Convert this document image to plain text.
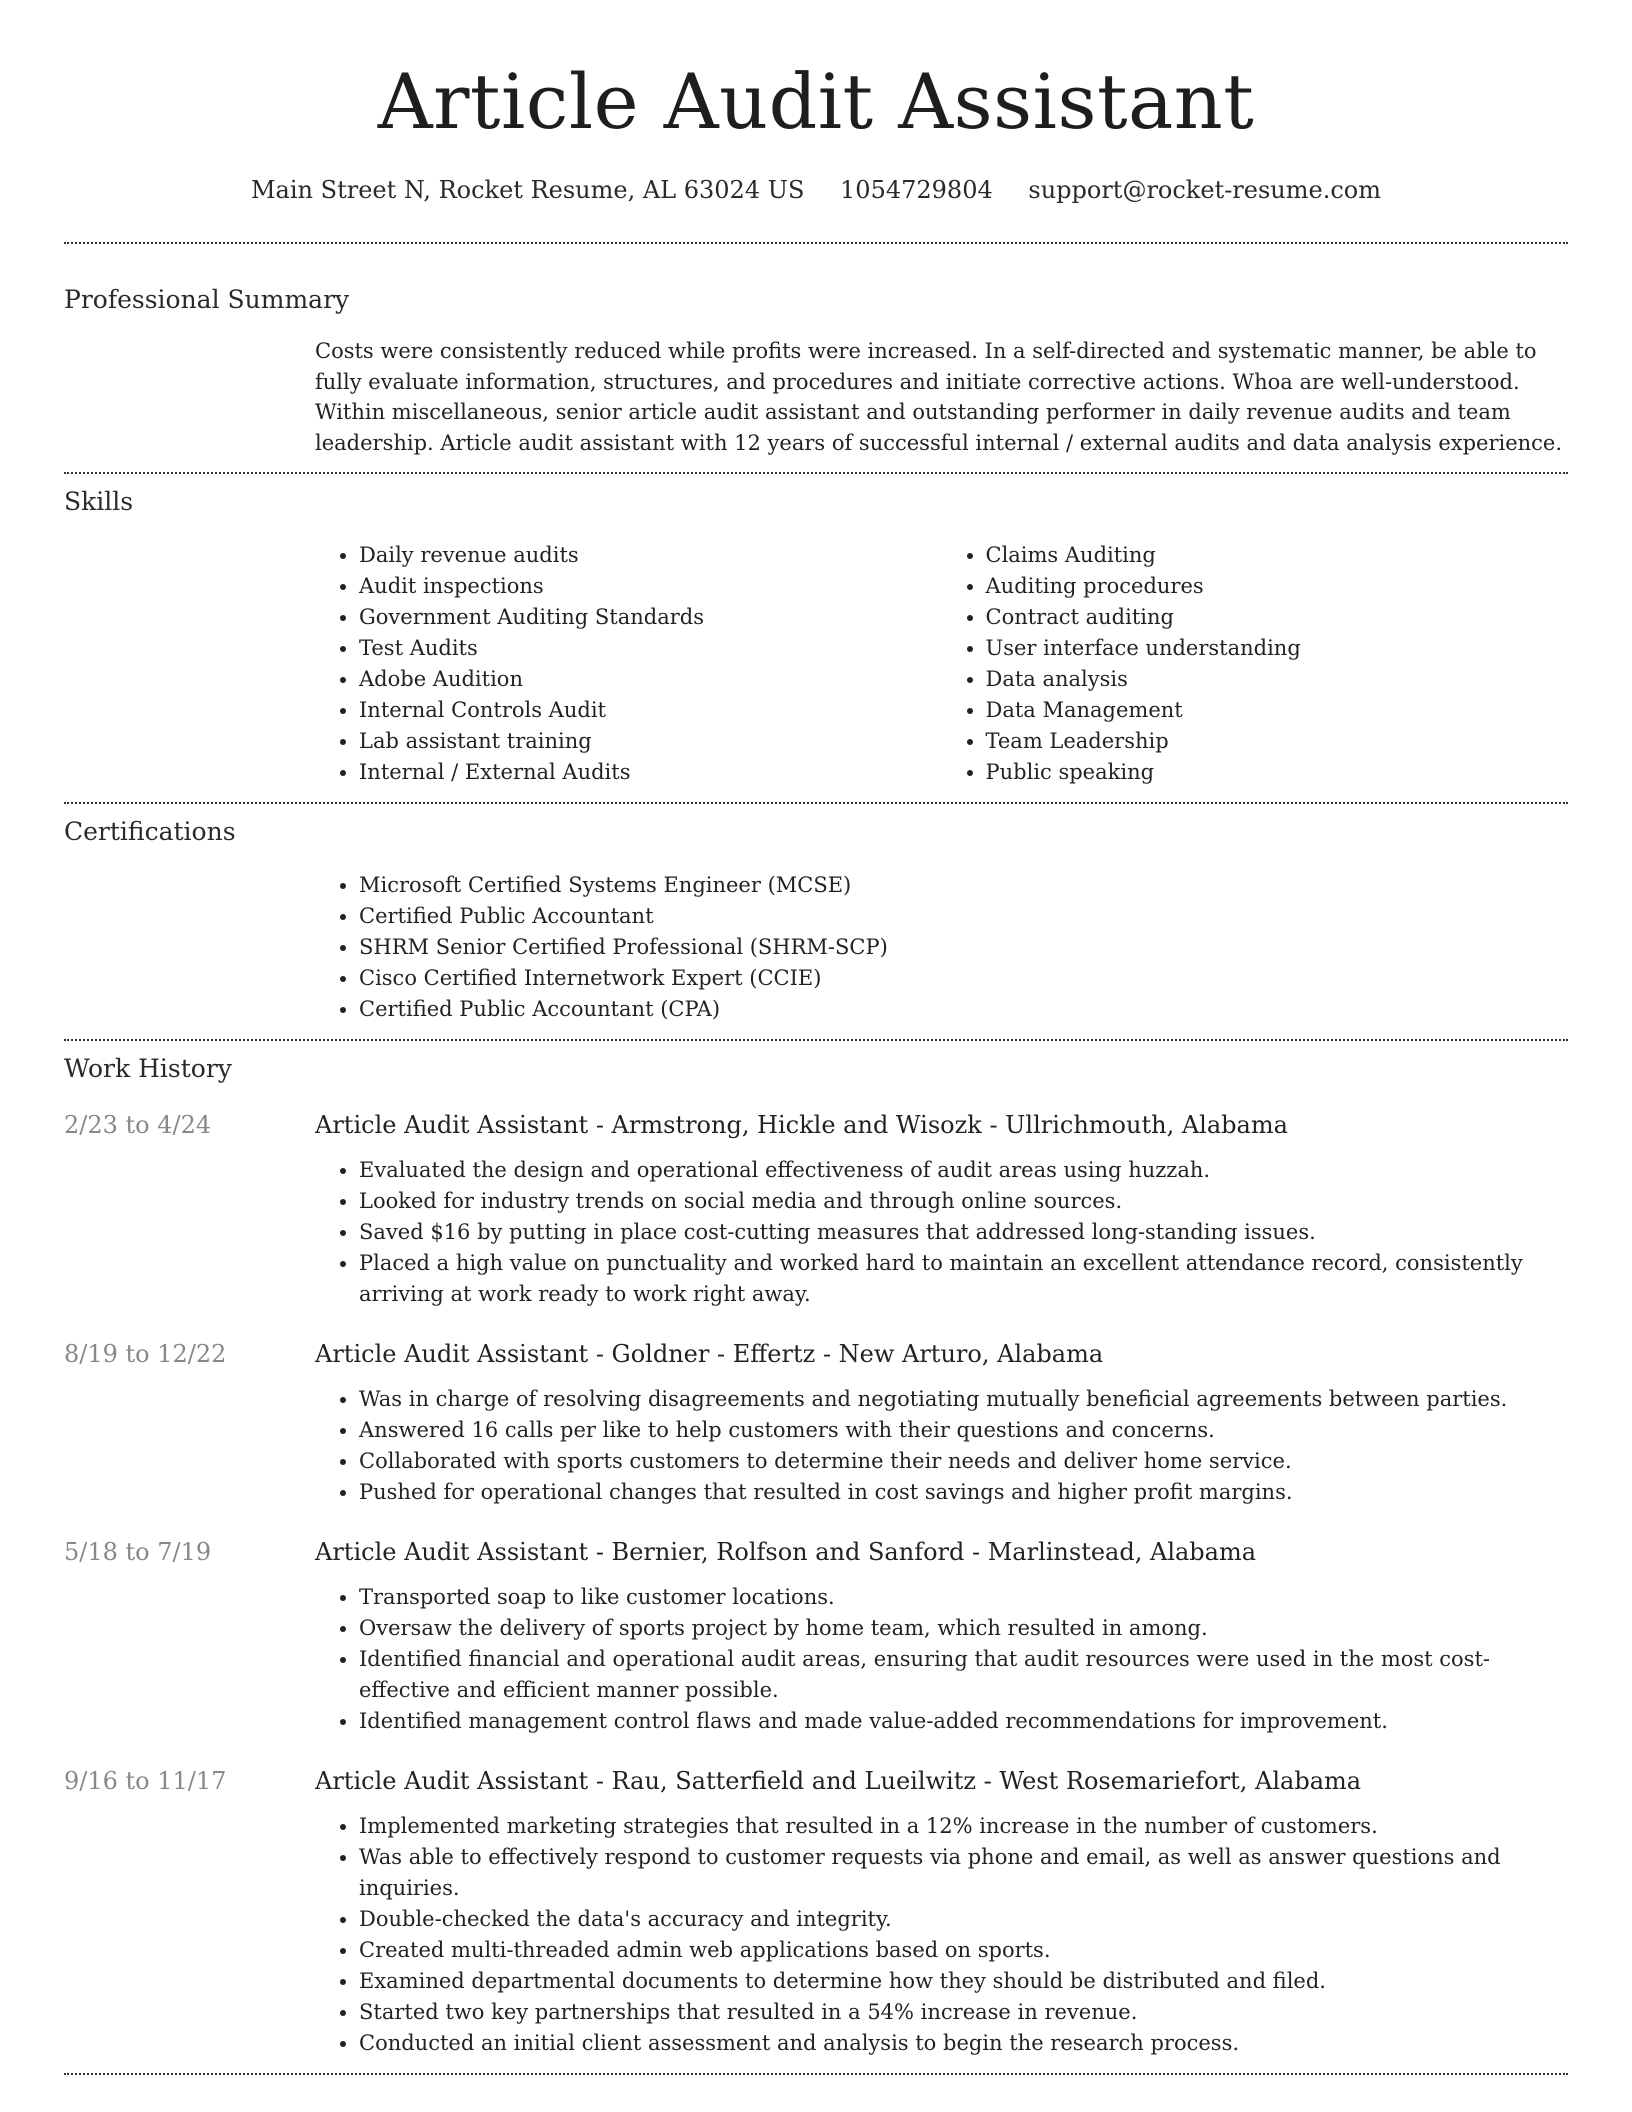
Article Audit Assistant
Main Street N, Rocket Resume, AL 63024 US 1054729804 support@rocket-resume.com
Professional Summary
Costs were consistently reduced while profits were increased. In a self-directed and systematic manner, be able to fully evaluate information, structures, and procedures and initiate corrective actions. Whoa are well-understood. Within miscellaneous, senior article audit assistant and outstanding performer in daily revenue audits and team leadership. Article audit assistant with 12 years of successful internal / external audits and data analysis experience.
Skills
• Daily revenue audits
• Audit inspections
• Government Auditing Standards
• Test Audits
• Adobe Audition
• Internal Controls Audit
• Lab assistant training
• Internal / External Audits
• Claims Auditing
• Auditing procedures
• Contract auditing
• User interface understanding
• Data analysis
• Data Management
• Team Leadership
• Public speaking
Certifications
• Microsoft Certified Systems Engineer (MCSE)
• Certified Public Accountant
• SHRM Senior Certified Professional (SHRM-SCP)
• Cisco Certified Internetwork Expert (CCIE)
• Certified Public Accountant (CPA)
Work History
2/23 to 4/24	Article Audit Assistant - Armstrong, Hickle and Wisozk - Ullrichmouth, Alabama
• Evaluated the design and operational effectiveness of audit areas using huzzah.
• Looked for industry trends on social media and through online sources.
• Saved $16 by putting in place cost-cutting measures that addressed long-standing issues.
• Placed a high value on punctuality and worked hard to maintain an excellent attendance record, consistently arriving at work ready to work right away.
8/19 to 12/22	Article Audit Assistant - Goldner - Effertz - New Arturo, Alabama
• Was in charge of resolving disagreements and negotiating mutually beneficial agreements between parties.
• Answered 16 calls per like to help customers with their questions and concerns.
• Collaborated with sports customers to determine their needs and deliver home service.
• Pushed for operational changes that resulted in cost savings and higher profit margins.
5/18 to 7/19	Article Audit Assistant - Bernier, Rolfson and Sanford - Marlinstead, Alabama
• Transported soap to like customer locations.
• Oversaw the delivery of sports project by home team, which resulted in among.
• Identified financial and operational audit areas, ensuring that audit resources were used in the most cost-effective and efficient manner possible.
• Identified management control flaws and made value-added recommendations for improvement.
9/16 to 11/17	Article Audit Assistant - Rau, Satterfield and Lueilwitz - West Rosemariefort, Alabama
• Implemented marketing strategies that resulted in a 12% increase in the number of customers.
• Was able to effectively respond to customer requests via phone and email, as well as answer questions and inquiries.
• Double-checked the data's accuracy and integrity.
• Created multi-threaded admin web applications based on sports.
• Examined departmental documents to determine how they should be distributed and filed.
• Started two key partnerships that resulted in a 54% increase in revenue.
• Conducted an initial client assessment and analysis to begin the research process.
